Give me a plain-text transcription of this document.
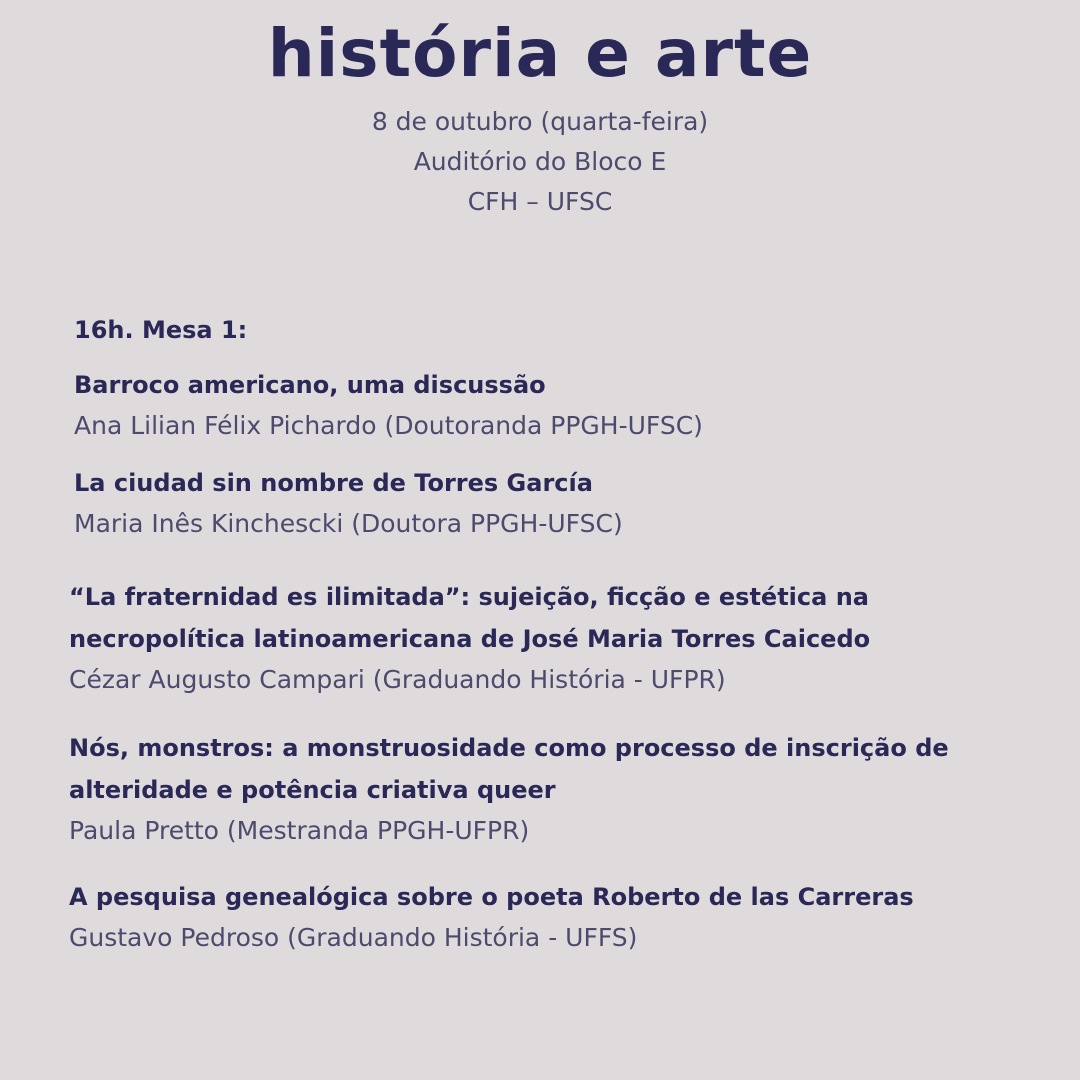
história e arte

8 de outubro (quarta-feira)

Auditório do Bloco E

CFH – UFSC

16h. Mesa 1:
Barroco americano, uma discussão
Ana Lilian Félix Pichardo (Doutoranda PPGH-UFSC)
La ciudad sin nombre de Torres García
Maria Inês Kinchescki (Doutora PPGH-UFSC)
“La fraternidad es ilimitada”: sujeição, ficção e estética na
necropolítica latinoamericana de José Maria Torres Caicedo
Cézar Augusto Campari (Graduando História - UFPR)
Nós, monstros: a monstruosidade como processo de inscrição de
alteridade e potência criativa queer
Paula Pretto (Mestranda PPGH-UFPR)
A pesquisa genealógica sobre o poeta Roberto de las Carreras
Gustavo Pedroso (Graduando História - UFFS)
